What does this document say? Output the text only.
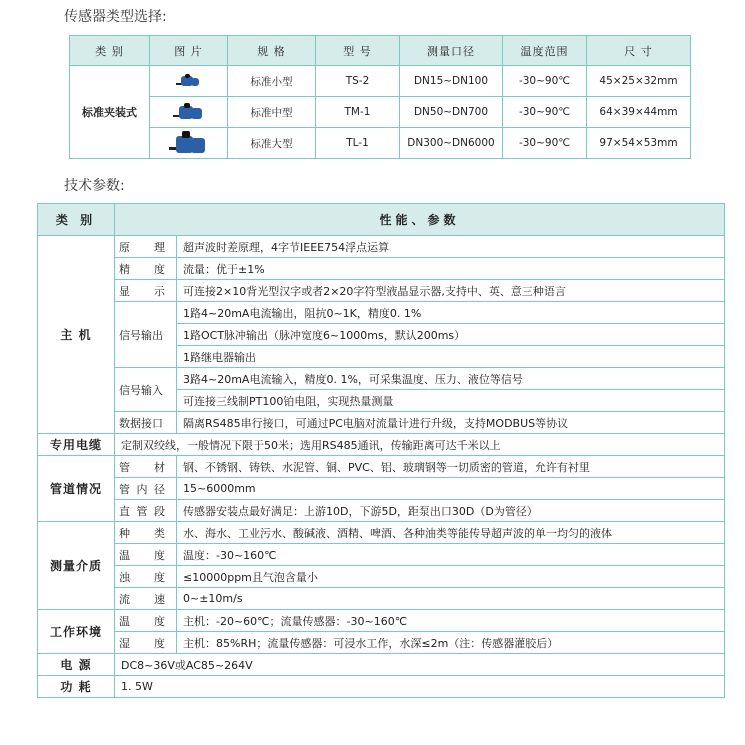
传感器类型选择:
类 别	图 片	规 格	型 号	测量口径	温度范围	尺 寸
标准夹装式		标准小型	TS-2	DN15~DN100	-30~90℃	45×25×32mm

		标准中型	TM-1	DN50~DN700	-30~90℃	64×39×44mm

		标准大型	TL-1	DN300~DN6000	-30~90℃	97×54×53mm
技术参数:
类 别	性能、参数	
主 机	原 理	超声波时差原理，4字节IEEE754浮点运算

	精 度	流量：优于±1%

	显 示	可连接2×10背光型汉字或者2×20字符型液晶显示器,支持中、英、意三种语言
	信号输出	1路4~20mA电流输出，阻抗0~1K，精度0. 1%
		1路OCT脉冲输出（脉冲宽度6~1000ms，默认200ms）
		1路继电器输出
	信号输入	3路4~20mA电流输入，精度0. 1%，可采集温度、压力、液位等信号
		可连接三线制PT100铂电阻，实现热量测量
	数据接口	隔离RS485串行接口，可通过PC电脑对流量计进行升级，支持MODBUS等协议
专用电缆	定制双绞线，一般情况下限于50米；选用RS485通讯，传输距离可达千米以上	
管道情况	管 材	钢、不锈钢、铸铁、水泥管、铜、PVC、铝、玻璃钢等一切质密的管道，允许有衬里

	管 内 径	15~6000mm

	直 管 段	传感器安装点最好满足：上游10D，下游5D，距泵出口30D（D为管径）
测量介质	种 类	水、海水、工业污水、酸碱液、酒精、啤酒、各种油类等能传导超声波的单一均匀的液体

	温 度	温度：-30~160℃

	浊 度	≤10000ppm且气泡含量小

	流 速	0~±10m/s
工作环境	温 度	主机：-20~60℃；流量传感器：-30~160℃

	湿 度	主机：85%RH；流量传感器：可浸水工作，水深≤2m（注：传感器灌胶后）
电 源	DC8~36V或AC85~264V	
功 耗	1. 5W	
